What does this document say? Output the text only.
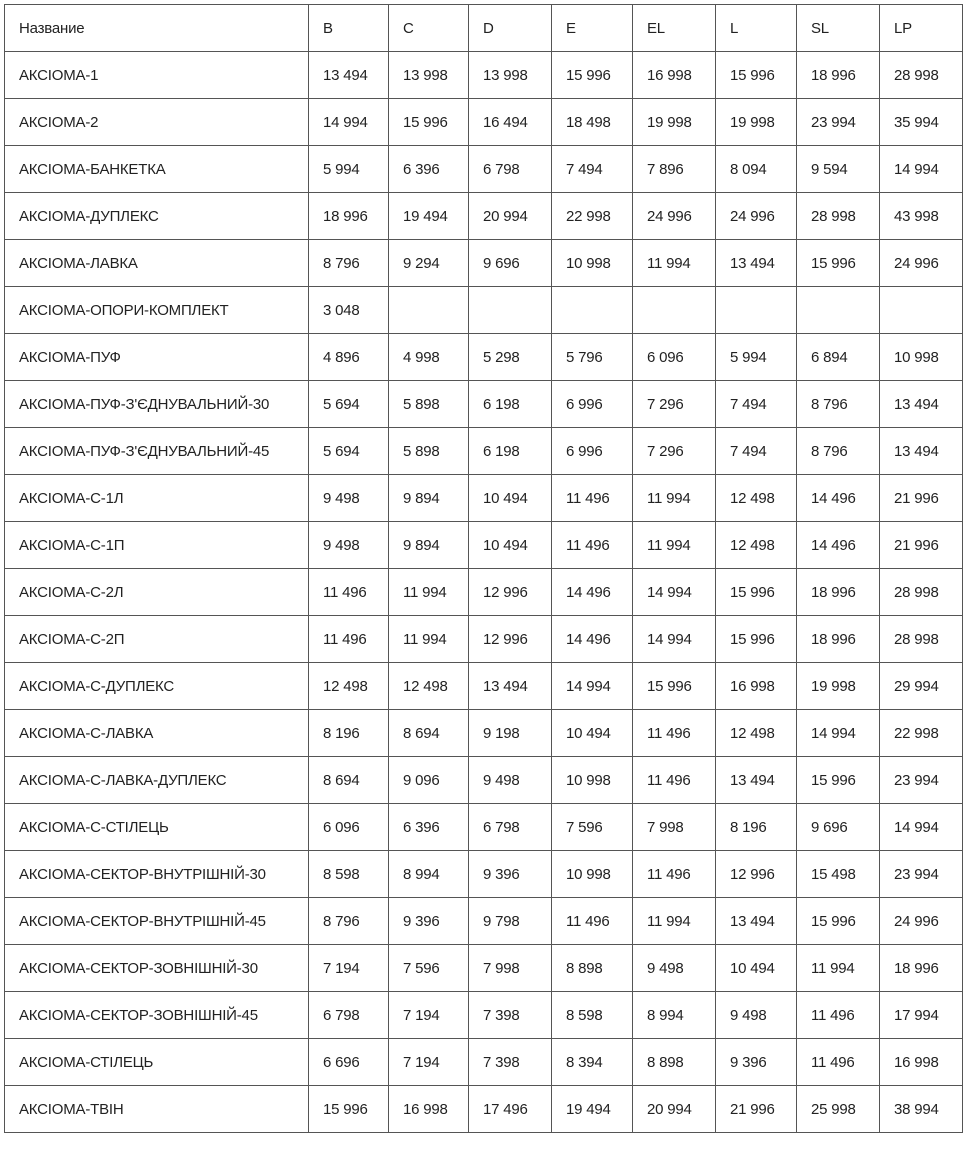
Название	B	C	D	E	EL	L	SL	LP
АКСІОМА-1	13 494	13 998	13 998	15 996	16 998	15 996	18 996	28 998
АКСІОМА-2	14 994	15 996	16 494	18 498	19 998	19 998	23 994	35 994
АКСІОМА-БАНКЕТКА	5 994	6 396	6 798	7 494	7 896	8 094	9 594	14 994
АКСІОМА-ДУПЛЕКС	18 996	19 494	20 994	22 998	24 996	24 996	28 998	43 998
АКСІОМА-ЛАВКА	8 796	9 294	9 696	10 998	11 994	13 494	15 996	24 996
АКСІОМА-ОПОРИ-КОМПЛЕКТ	3 048							
АКСІОМА-ПУФ	4 896	4 998	5 298	5 796	6 096	5 994	6 894	10 998
АКСІОМА-ПУФ-З'ЄДНУВАЛЬНИЙ-30	5 694	5 898	6 198	6 996	7 296	7 494	8 796	13 494
АКСІОМА-ПУФ-З'ЄДНУВАЛЬНИЙ-45	5 694	5 898	6 198	6 996	7 296	7 494	8 796	13 494
АКСІОМА-С-1Л	9 498	9 894	10 494	11 496	11 994	12 498	14 496	21 996
АКСІОМА-С-1П	9 498	9 894	10 494	11 496	11 994	12 498	14 496	21 996
АКСІОМА-С-2Л	11 496	11 994	12 996	14 496	14 994	15 996	18 996	28 998
АКСІОМА-С-2П	11 496	11 994	12 996	14 496	14 994	15 996	18 996	28 998
АКСІОМА-С-ДУПЛЕКС	12 498	12 498	13 494	14 994	15 996	16 998	19 998	29 994
АКСІОМА-С-ЛАВКА	8 196	8 694	9 198	10 494	11 496	12 498	14 994	22 998
АКСІОМА-С-ЛАВКА-ДУПЛЕКС	8 694	9 096	9 498	10 998	11 496	13 494	15 996	23 994
АКСІОМА-С-СТІЛЕЦЬ	6 096	6 396	6 798	7 596	7 998	8 196	9 696	14 994
АКСІОМА-СЕКТОР-ВНУТРІШНІЙ-30	8 598	8 994	9 396	10 998	11 496	12 996	15 498	23 994
АКСІОМА-СЕКТОР-ВНУТРІШНІЙ-45	8 796	9 396	9 798	11 496	11 994	13 494	15 996	24 996
АКСІОМА-СЕКТОР-ЗОВНІШНІЙ-30	7 194	7 596	7 998	8 898	9 498	10 494	11 994	18 996
АКСІОМА-СЕКТОР-ЗОВНІШНІЙ-45	6 798	7 194	7 398	8 598	8 994	9 498	11 496	17 994
АКСІОМА-СТІЛЕЦЬ	6 696	7 194	7 398	8 394	8 898	9 396	11 496	16 998
АКСІОМА-ТВІН	15 996	16 998	17 496	19 494	20 994	21 996	25 998	38 994
